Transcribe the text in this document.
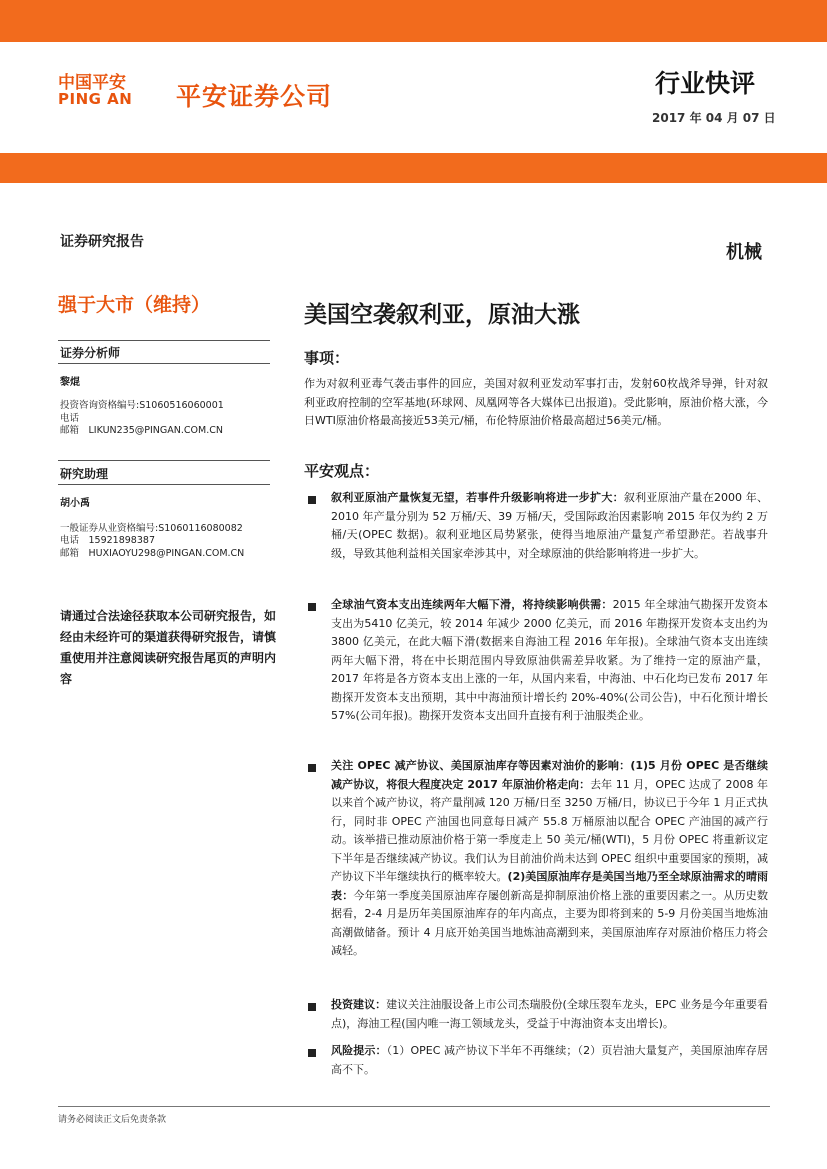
中国平安
PING AN 平安证券公司	行业快评
2017 年 04 月 07 日
证券研究报告	机械
强于大市（维持）	美国空袭叙利亚，原油大涨
证券分析师
黎焜
投资咨询资格编号:S1060516060001
电话
邮箱　LIKUN235@PINGAN.COM.CN
研究助理
胡小禹
一般证券从业资格编号:S1060116080082
电话　15921898387
邮箱　HUXIAOYU298@PINGAN.COM.CN
请通过合法途径获取本公司研究报告，如经由未经许可的渠道获得研究报告，请慎重使用并注意阅读研究报告尾页的声明内容
事项：
作为对叙利亚毒气袭击事件的回应，美国对叙利亚发动军事打击，发射60枚战斧导弹，针对叙利亚政府控制的空军基地(环球网、凤凰网等各大媒体已出报道)。受此影响，原油价格大涨，今日WTI原油价格最高接近53美元/桶，布伦特原油价格最高超过56美元/桶。
平安观点：
叙利亚原油产量恢复无望，若事件升级影响将进一步扩大：叙利亚原油产量在2000 年、2010 年产量分别为 52 万桶/天、39 万桶/天，受国际政治因素影响 2015 年仅为约 2 万桶/天(OPEC 数据)。叙利亚地区局势紧张，使得当地原油产量复产希望渺茫。若战事升级，导致其他利益相关国家牵涉其中，对全球原油的供给影响将进一步扩大。
全球油气资本支出连续两年大幅下滑，将持续影响供需：2015 年全球油气勘探开发资本支出为5410 亿美元，较 2014 年减少 2000 亿美元，而 2016 年勘探开发资本支出约为 3800 亿美元，在此大幅下滑(数据来自海油工程 2016 年年报)。全球油气资本支出连续两年大幅下滑，将在中长期范围内导致原油供需差异收紧。为了维持一定的原油产量，2017 年将是各方资本支出上涨的一年，从国内来看，中海油、中石化均已发布 2017 年勘探开发资本支出预期，其中中海油预计增长约 20%-40%(公司公告)，中石化预计增长 57%(公司年报)。勘探开发资本支出回升直接有利于油服类企业。
关注 OPEC 减产协议、美国原油库存等因素对油价的影响：(1)5 月份 OPEC 是否继续减产协议，将很大程度决定 2017 年原油价格走向：去年 11 月，OPEC 达成了 2008 年以来首个减产协议，将产量削减 120 万桶/日至 3250 万桶/日，协议已于今年 1 月正式执行，同时非 OPEC 产油国也同意每日减产 55.8 万桶原油以配合 OPEC 产油国的减产行动。该举措已推动原油价格于第一季度走上 50 美元/桶(WTI)，5 月份 OPEC 将重新议定下半年是否继续减产协议。我们认为目前油价尚未达到 OPEC 组织中重要国家的预期，减产协议下半年继续执行的概率较大。(2)美国原油库存是美国当地乃至全球原油需求的晴雨表：今年第一季度美国原油库存屡创新高是抑制原油价格上涨的重要因素之一。从历史数据看，2-4 月是历年美国原油库存的年内高点，主要为即将到来的 5-9 月份美国当地炼油高潮做储备。预计 4 月底开始美国当地炼油高潮到来，美国原油库存对原油价格压力将会减轻。
投资建议：建议关注油服设备上市公司杰瑞股份(全球压裂车龙头，EPC 业务是今年重要看点)，海油工程(国内唯一海工领域龙头，受益于中海油资本支出增长)。
风险提示：（1）OPEC 减产协议下半年不再继续；（2）页岩油大量复产，美国原油库存居高不下。
请务必阅读正文后免责条款
